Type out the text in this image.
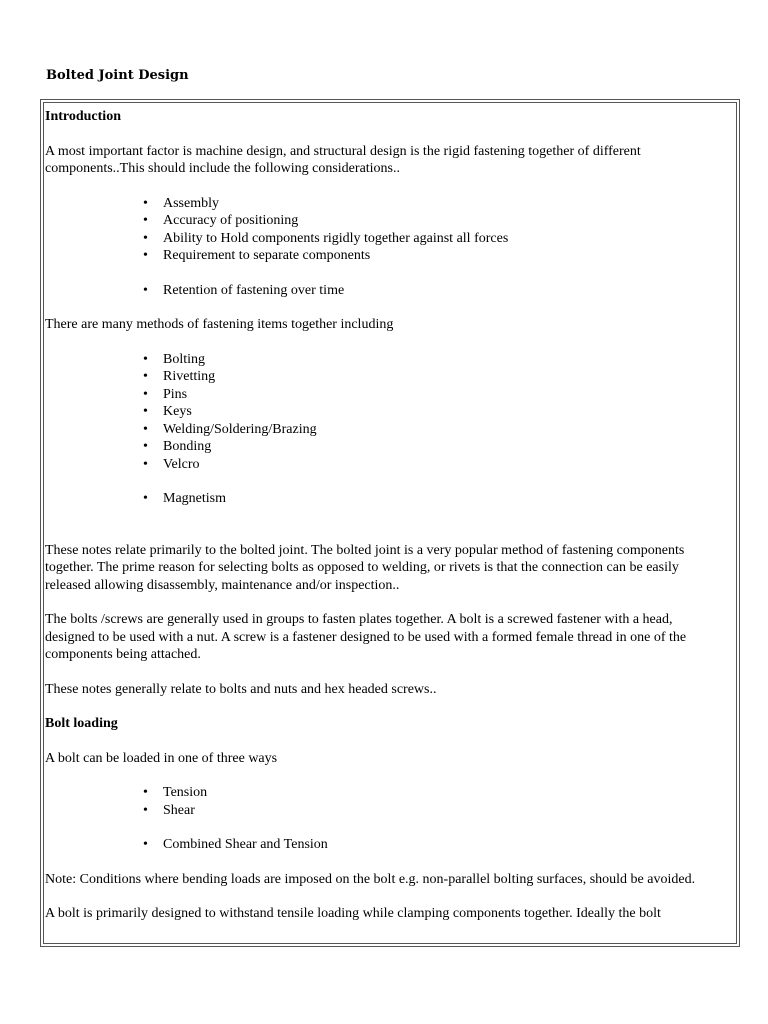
Bolted Joint Design
Introduction

A most important factor is machine design, and structural design is the rigid fastening together of different components..This should include the following considerations..

• Assembly
• Accuracy of positioning
• Ability to Hold components rigidly together against all forces
• Requirement to separate components
• Retention of fastening over time

There are many methods of fastening items together including

• Bolting
• Rivetting
• Pins
• Keys
• Welding/Soldering/Brazing
• Bonding
• Velcro
• Magnetism

These notes relate primarily to the bolted joint. The bolted joint is a very popular method of fastening components together. The prime reason for selecting bolts as opposed to welding, or rivets is that the connection can be easily released allowing disassembly, maintenance and/or inspection..

The bolts /screws are generally used in groups to fasten plates together. A bolt is a screwed fastener with a head, designed to be used with a nut. A screw is a fastener designed to be used with a formed female thread in one of the components being attached.

These notes generally relate to bolts and nuts and hex headed screws..

Bolt loading

A bolt can be loaded in one of three ways

• Tension
• Shear
• Combined Shear and Tension

Note: Conditions where bending loads are imposed on the bolt e.g. non-parallel bolting surfaces, should be avoided.

A bolt is primarily designed to withstand tensile loading while clamping components together. Ideally the bolt
